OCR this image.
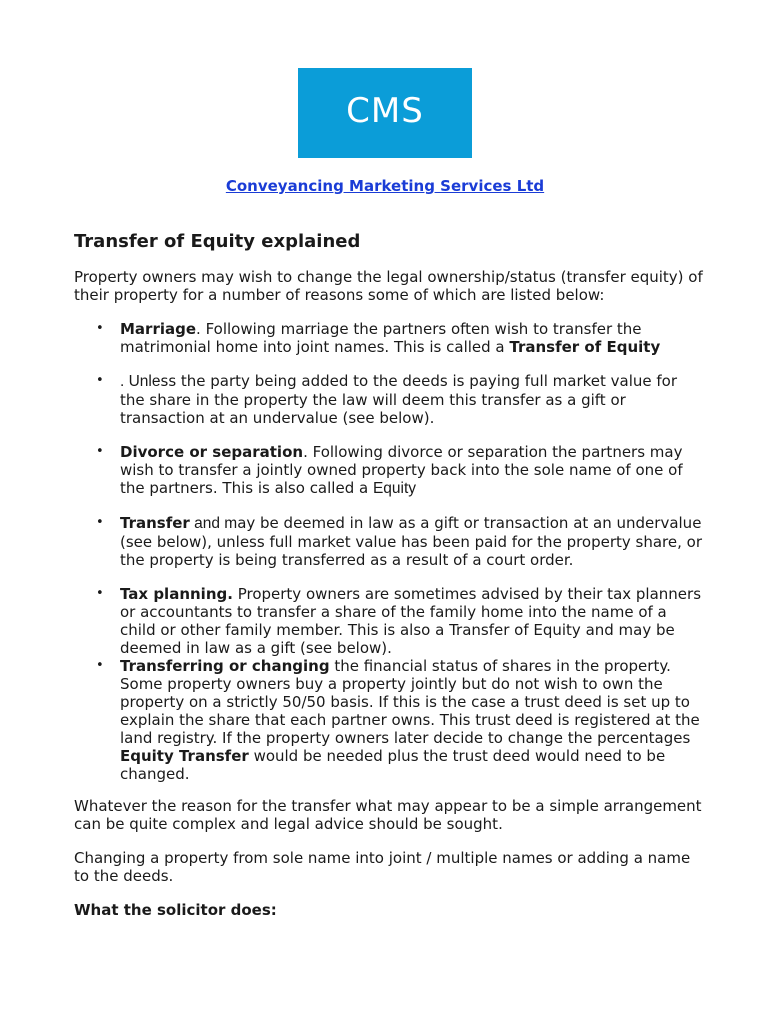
CMS
Conveyancing Marketing Services Ltd
Transfer of Equity explained

Property owners may wish to change the legal ownership/status (transfer equity) of their property for a number of reasons some of which are listed below:

• Marriage. Following marriage the partners often wish to transfer the matrimonial home into joint names. This is called a Transfer of Equity
• . Unless the party being added to the deeds is paying full market value for the share in the property the law will deem this transfer as a gift or transaction at an undervalue (see below).
• Divorce or separation. Following divorce or separation the partners may wish to transfer a jointly owned property back into the sole name of one of the partners. This is also called a Equity
• Transfer and may be deemed in law as a gift or transaction at an undervalue (see below), unless full market value has been paid for the property share, or the property is being transferred as a result of a court order.
• Tax planning. Property owners are sometimes advised by their tax planners or accountants to transfer a share of the family home into the name of a child or other family member. This is also a Transfer of Equity and may be deemed in law as a gift (see below).
• Transferring or changing the financial status of shares in the property. Some property owners buy a property jointly but do not wish to own the property on a strictly 50/50 basis. If this is the case a trust deed is set up to explain the share that each partner owns. This trust deed is registered at the land registry. If the property owners later decide to change the percentages Equity Transfer would be needed plus the trust deed would need to be changed.

Whatever the reason for the transfer what may appear to be a simple arrangement can be quite complex and legal advice should be sought.

Changing a property from sole name into joint / multiple names or adding a name to the deeds.

What the solicitor does:
